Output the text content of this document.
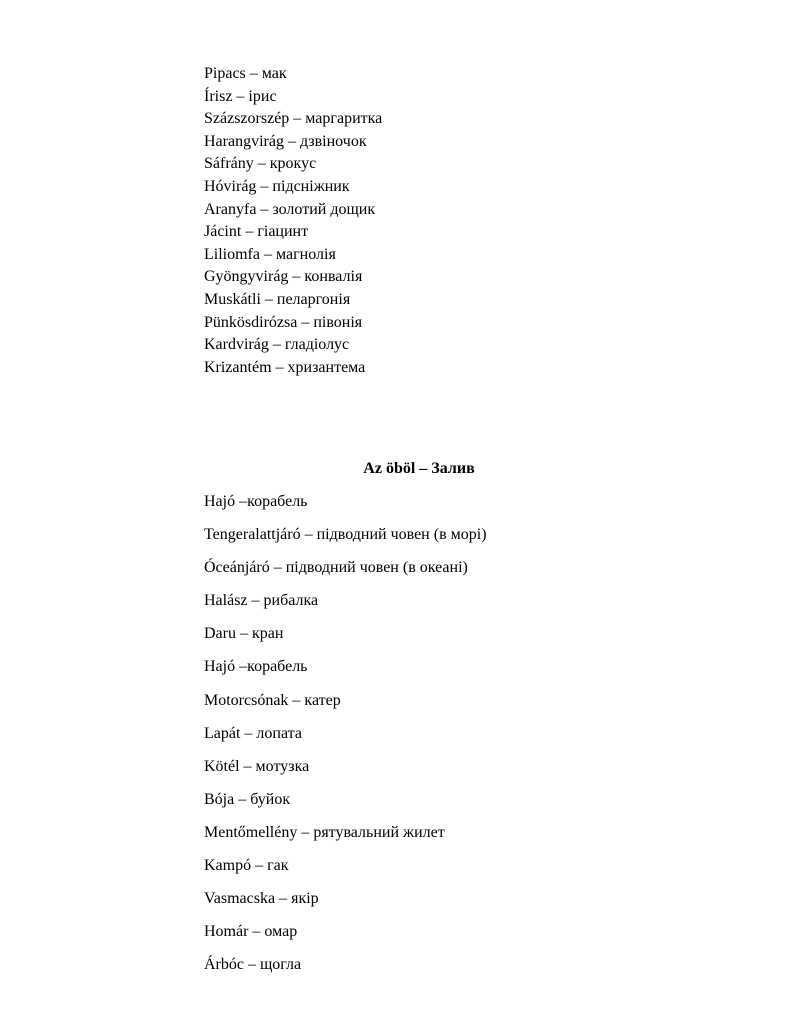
Pipacs – мак
Írisz – ірис
Százszorszép – маргаритка
Harangvirág – дзвіночок
Sáfrány – крокус
Hóvirág – підсніжник
Aranyfa – золотий дощик
Jácint – гіацинт
Liliomfa – магнолія
Gyöngyvirág – конвалія
Muskátli – пеларгонія
Pünkösdirózsa – півонія
Kardvirág – гладіолус
Krizantém – хризантема
Az öböl – Залив
Hajó –корабель
Tengeralattjáró – підводний човен (в морі)
Óceánjáró – підводний човен (в океані)
Halász – рибалка
Daru – кран
Hajó –корабель
Motorcsónak – катер
Lapát – лопата
Kötél – мотузка
Bója – буйок
Mentőmellény – рятувальний жилет
Kampó – гак
Vasmacska – якір
Homár – омар
Árbóc – щогла
